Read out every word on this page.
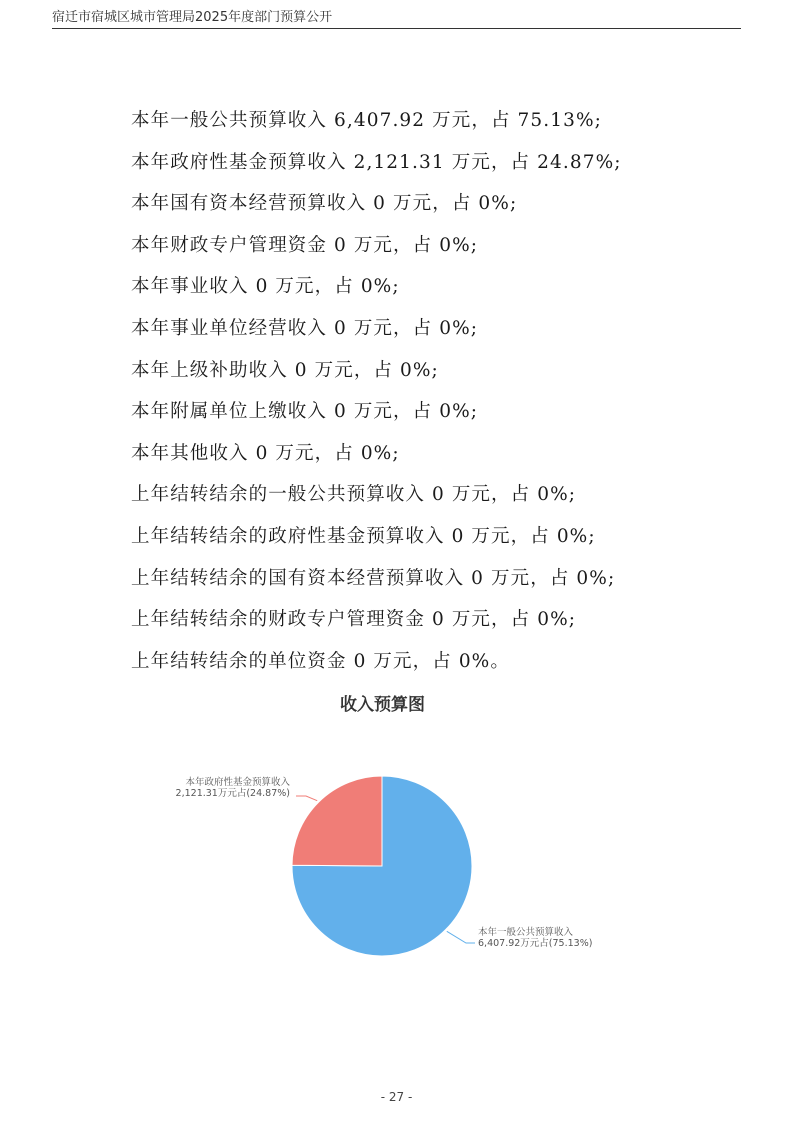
宿迁市宿城区城市管理局2025年度部门预算公开
本年一般公共预算收入 6,407.92 万元，占 75.13%;
本年政府性基金预算收入 2,121.31 万元，占 24.87%;
本年国有资本经营预算收入 0 万元，占 0%;
本年财政专户管理资金 0 万元，占 0%;
本年事业收入 0 万元，占 0%;
本年事业单位经营收入 0 万元，占 0%;
本年上级补助收入 0 万元，占 0%;
本年附属单位上缴收入 0 万元，占 0%;
本年其他收入 0 万元，占 0%;
上年结转结余的一般公共预算收入 0 万元，占 0%;
上年结转结余的政府性基金预算收入 0 万元，占 0%;
上年结转结余的国有资本经营预算收入 0 万元，占 0%;
上年结转结余的财政专户管理资金 0 万元，占 0%;
上年结转结余的单位资金 0 万元，占 0%。
收入预算图
本年一般公共预算收入
6,407.92万元占(75.13%)
本年政府性基金预算收入
2,121.31万元占(24.87%)
- 27 -
